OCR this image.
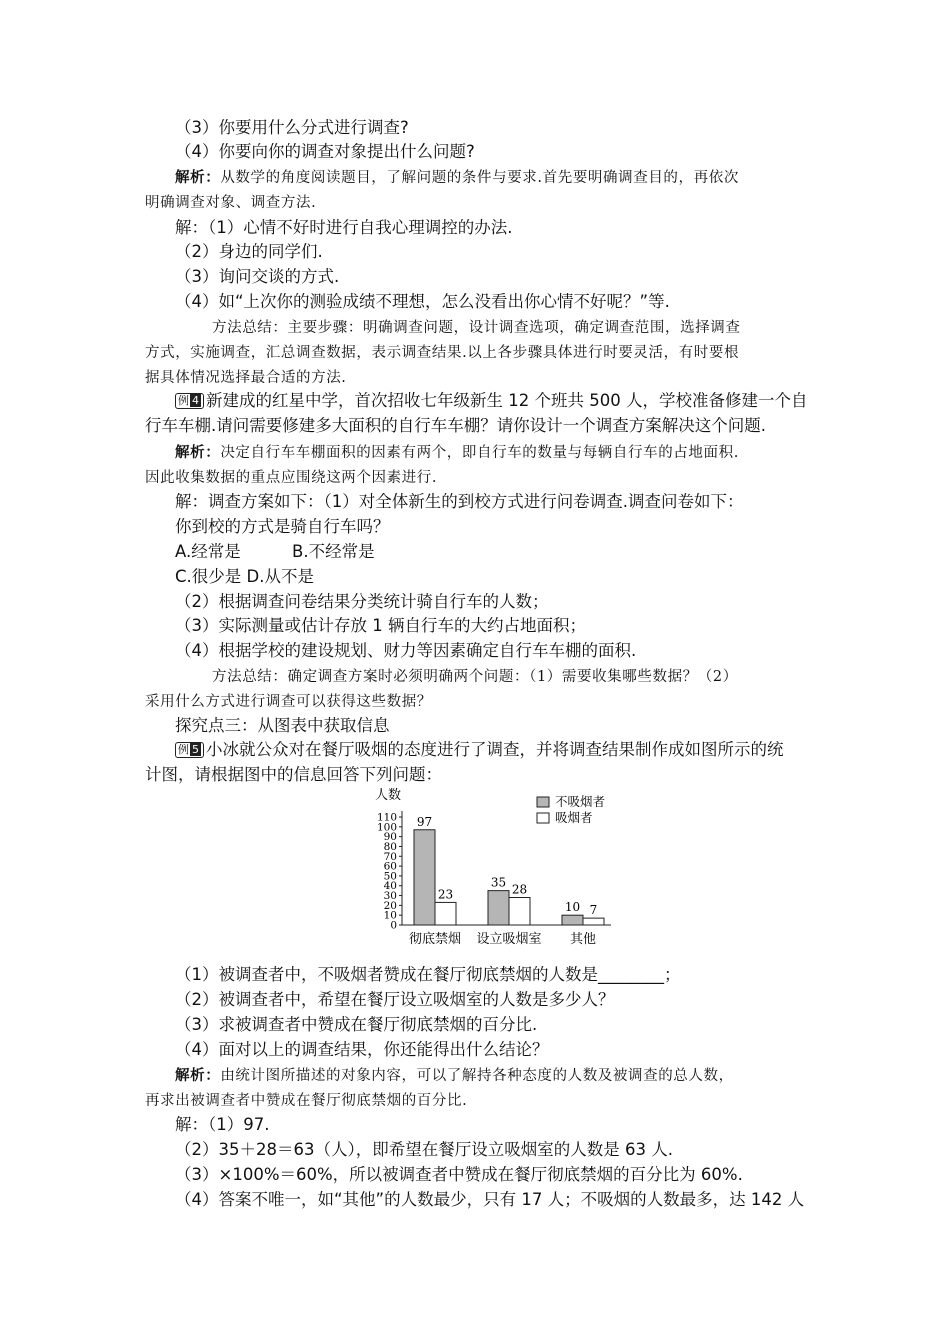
（3）你要用什么分式进行调查?
（4）你要向你的调查对象提出什么问题?
解析：从数学的角度阅读题目，了解问题的条件与要求.首先要明确调查目的，再依次
明确调查对象、调查方法.
解：（1）心情不好时进行自我心理调控的办法.
（2）身边的同学们.
（3）询问交谈的方式.
（4）如“上次你的测验成绩不理想，怎么没看出你心情不好呢？”等.
方法总结：主要步骤：明确调查问题，设计调查选项，确定调查范围，选择调查
方式，实施调查，汇总调查数据，表示调查结果.以上各步骤具体进行时要灵活，有时要根
据具体情况选择最合适的方法.
例 4 新建成的红星中学，首次招收七年级新生 12 个班共 500 人，学校准备修建一个自
行车车棚.请问需要修建多大面积的自行车车棚？请你设计一个调查方案解决这个问题.
解析：决定自行车车棚面积的因素有两个，即自行车的数量与每辆自行车的占地面积.
因此收集数据的重点应围绕这两个因素进行.
解：调查方案如下：（1）对全体新生的到校方式进行问卷调查.调查问卷如下：
你到校的方式是骑自行车吗？
A.经常是	B.不经常是
C.很少是 D.从不是
（2）根据调查问卷结果分类统计骑自行车的人数；
（3）实际测量或估计存放 1 辆自行车的大约占地面积；
（4）根据学校的建设规划、财力等因素确定自行车车棚的面积.
方法总结：确定调查方案时必须明确两个问题：（1）需要收集哪些数据？（2）
采用什么方式进行调查可以获得这些数据？
探究点三：从图表中获取信息
例 5 小冰就公众对在餐厅吸烟的态度进行了调查，并将调查结果制作成如图所示的统
计图，请根据图中的信息回答下列问题：
人数
0
10
20
30
40
50
60
70
80
90
100
110 97
23
彻底禁烟
35 28
设立吸烟室
10 7
其他
不吸烟者
吸烟者
（1）被调查者中，不吸烟者赞成在餐厅彻底禁烟的人数是________；
（2）被调查者中，希望在餐厅设立吸烟室的人数是多少人？
（3）求被调查者中赞成在餐厅彻底禁烟的百分比.
（4）面对以上的调查结果，你还能得出什么结论？
解析：由统计图所描述的对象内容，可以了解持各种态度的人数及被调查的总人数，
再求出被调查者中赞成在餐厅彻底禁烟的百分比.
解：（1）97.
（2）35＋28＝63（人），即希望在餐厅设立吸烟室的人数是 63 人.
（3）×100%＝60%，所以被调查者中赞成在餐厅彻底禁烟的百分比为 60%.
（4）答案不唯一，如“其他”的人数最少，只有 17 人；不吸烟的人数最多，达 142 人
